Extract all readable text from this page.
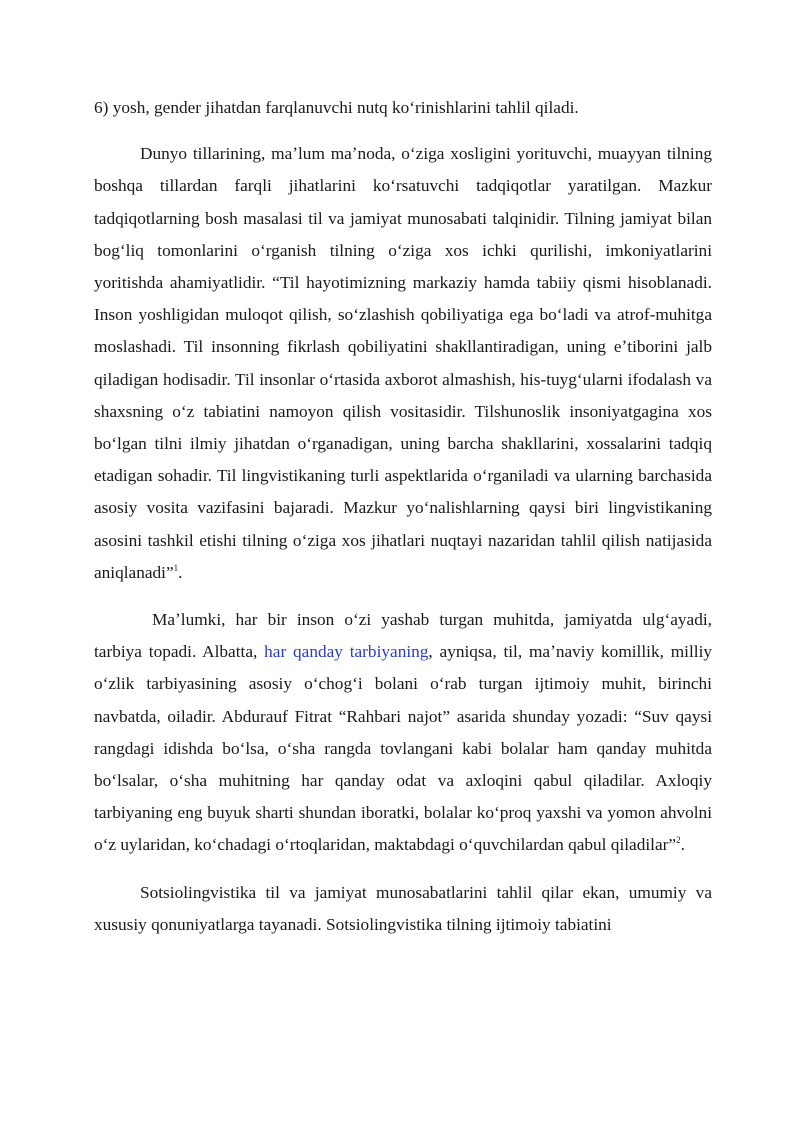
6) yosh, gender jihatdan farqlanuvchi nutq koʻrinishlarini tahlil qiladi.

Dunyo tillarining, maʼlum maʼnoda, oʻziga xosligini yorituvchi, muayyan tilning boshqa tillardan farqli jihatlarini koʻrsatuvchi tadqiqotlar yaratilgan. Mazkur tadqiqotlarning bosh masalasi til va jamiyat munosabati talqinidir. Tilning jamiyat bilan bogʻliq tomonlarini oʻrganish tilning oʻziga xos ichki qurilishi, imkoniyatlarini yoritishda ahamiyatlidir. “Til hayotimizning markaziy hamda tabiiy qismi hisoblanadi. Inson yoshligidan muloqot qilish, soʻzlashish qobiliyatiga ega boʻladi va atrof-muhitga moslashadi. Til insonning fikrlash qobiliyatini shakllantiradigan, uning eʼtiborini jalb qiladigan hodisadir. Til insonlar oʻrtasida axborot almashish, his-tuygʻularni ifodalash va shaxsning oʻz tabiatini namoyon qilish vositasidir. Tilshunoslik insoniyatgagina xos boʻlgan tilni ilmiy jihatdan oʻrganadigan, uning barcha shakllarini, xossalarini tadqiq etadigan sohadir. Til lingvistikaning turli aspektlarida oʻrganiladi va ularning barchasida asosiy vosita vazifasini bajaradi. Mazkur yoʻnalishlarning qaysi biri lingvistikaning asosini tashkil etishi tilning oʻziga xos jihatlari nuqtayi nazaridan tahlil qilish natijasida aniqlanadi”$^1$.

Maʼlumki, har bir inson oʻzi yashab turgan muhitda, jamiyatda ulgʻayadi, tarbiya topadi. Albatta, har qanday tarbiyaning, ayniqsa, til, maʼnaviy komillik, milliy oʻzlik tarbiyasining asosiy oʻchogʻi bolani oʻrab turgan ijtimoiy muhit, birinchi navbatda, oiladir. Abdurauf Fitrat “Rahbari najot” asarida shunday yozadi: “Suv qaysi rangdagi idishda boʻlsa, oʻsha rangda tovlangani kabi bolalar ham qanday muhitda boʻlsalar, oʻsha muhitning har qanday odat va axloqini qabul qiladilar. Axloqiy tarbiyaning eng buyuk sharti shundan iboratki, bolalar koʻproq yaxshi va yomon ahvolni oʻz uylaridan, koʻchadagi oʻrtoqlaridan, maktabdagi oʻquvchilardan qabul qiladilar”$^2$.

Sotsiolingvistika til va jamiyat munosabatlarini tahlil qilar ekan, umumiy va xususiy qonuniyatlarga tayanadi. Sotsiolingvistika tilning ijtimoiy tabiatini
